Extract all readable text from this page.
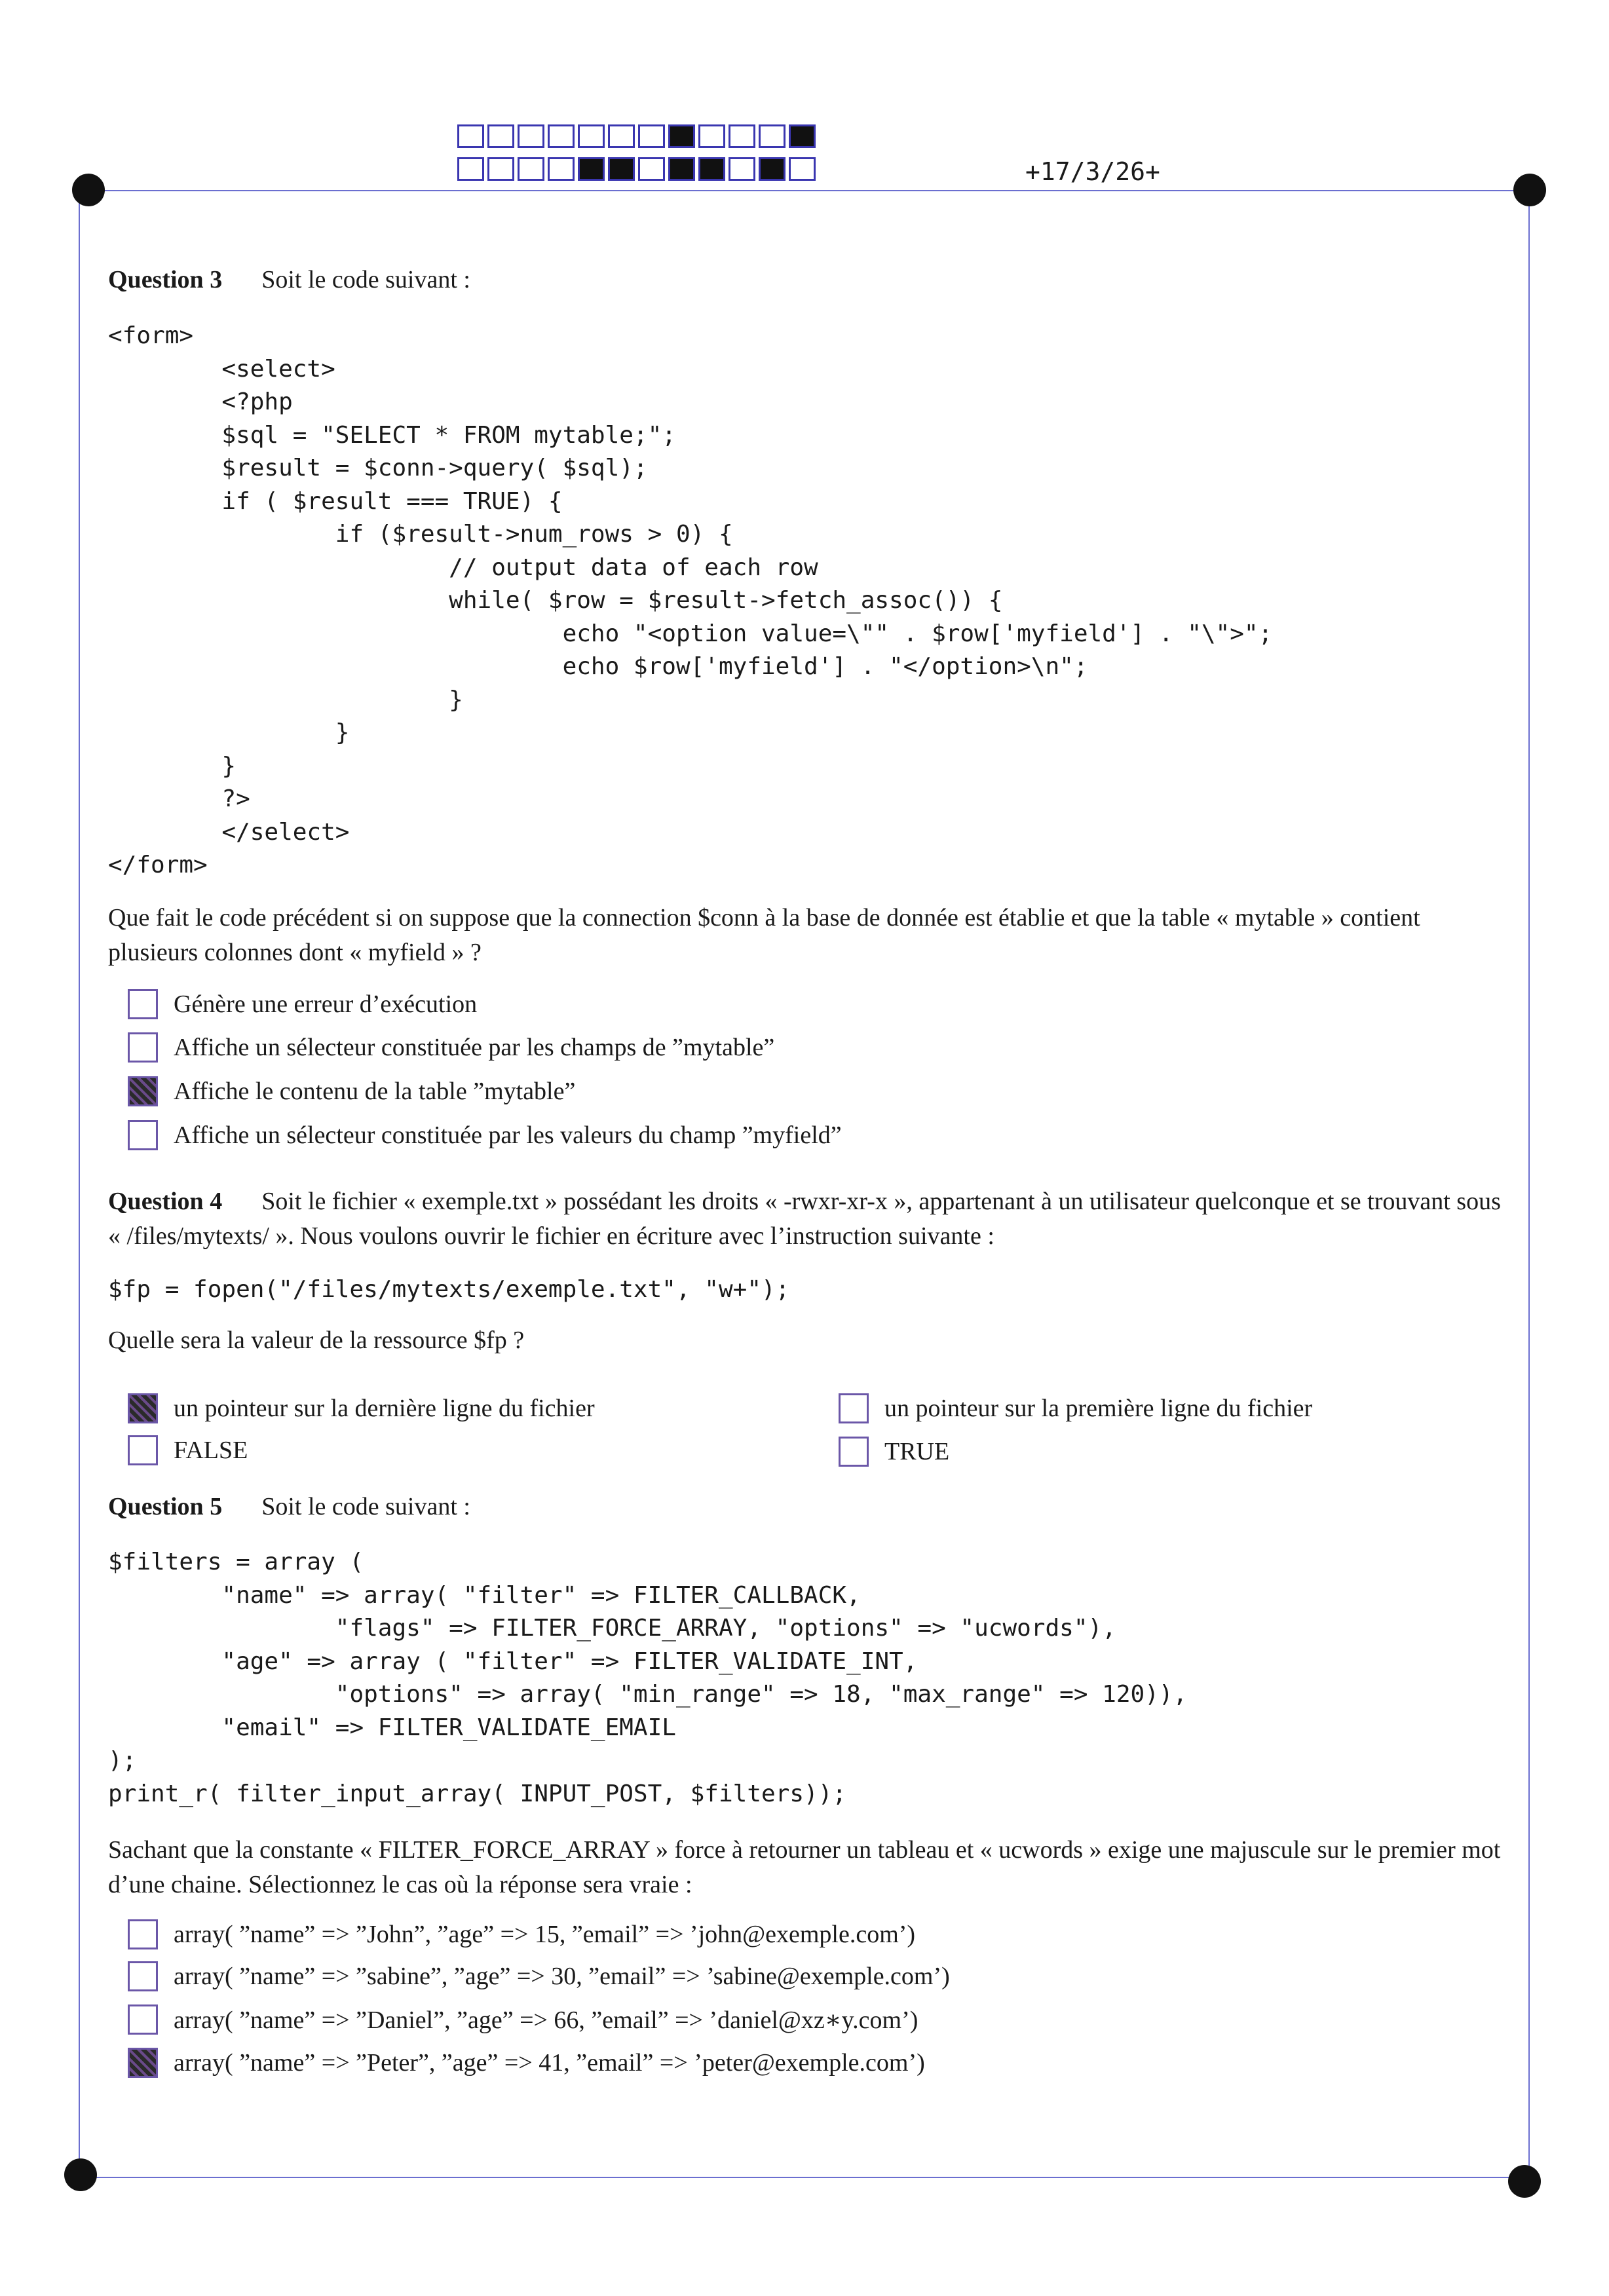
+17/3/26+
Question 3 Soit le code suivant :
<form>
<select>
<?php
$sql = "SELECT * FROM mytable;";
$result = $conn->query( $sql);
if ( $result === TRUE) {
if ($result->num_rows > 0) {
// output data of each row
while( $row = $result->fetch_assoc()) {
echo "<option value=\"" . $row['myfield'] . "\">";
echo $row['myfield'] . "</option>\n";
}
}
}
?>
</select>
</form>
Que fait le code précédent si on suppose que la connection $conn à la base de donnée est établie et que la table « mytable » contient plusieurs colonnes dont « myfield » ?
Génère une erreur d’exécution
Affiche un sélecteur constituée par les champs de ”mytable”
Affiche le contenu de la table ”mytable”
Affiche un sélecteur constituée par les valeurs du champ ”myfield”
Question 4 Soit le fichier « exemple.txt » possédant les droits « -rwxr-xr-x », appartenant à un utilisateur quelconque et se trouvant sous « /files/mytexts/ ». Nous voulons ouvrir le fichier en écriture avec l’instruction suivante :
$fp = fopen("/files/mytexts/exemple.txt", "w+");
Quelle sera la valeur de la ressource $fp ?
un pointeur sur la dernière ligne du fichier	un pointeur sur la première ligne du fichier
FALSE	TRUE
Question 5 Soit le code suivant :
$filters = array (
"name" => array( "filter" => FILTER_CALLBACK,
"flags" => FILTER_FORCE_ARRAY, "options" => "ucwords"),
"age" => array ( "filter" => FILTER_VALIDATE_INT,
"options" => array( "min_range" => 18, "max_range" => 120)),
"email" => FILTER_VALIDATE_EMAIL
);
print_r( filter_input_array( INPUT_POST, $filters));
Sachant que la constante « FILTER_FORCE_ARRAY » force à retourner un tableau et « ucwords » exige une majuscule sur le premier mot d’une chaine. Sélectionnez le cas où la réponse sera vraie :
array( ”name” => ”John”, ”age” => 15, ”email” => ’john@exemple.com’)
array( ”name” => ”sabine”, ”age” => 30, ”email” => ’sabine@exemple.com’)
array( ”name” => ”Daniel”, ”age” => 66, ”email” => ’daniel@xz∗y.com’)
array( ”name” => ”Peter”, ”age” => 41, ”email” => ’peter@exemple.com’)
